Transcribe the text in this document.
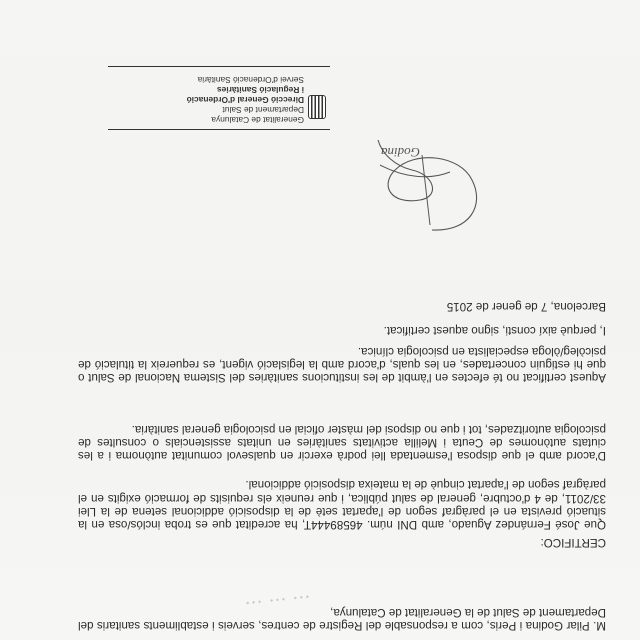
... ... ...

M. Pilar Godina i Peris, com a responsable del Registre de centres, serveis i establiments sanitaris del Departament de Salut de la Generalitat de Catalunya,

CERTIFICO:

Que José Fernández Aguado, amb DNI núm. 46589444T, ha acreditat que es troba inclós/osa en la situació prevista en el paràgraf segon de l'apartat setè de la disposició addicional setena de la Llei 33/2011, de 4 d'octubre, general de salut pública, i que reuneix els requisits de formació exigits en el paràgraf segon de l'apartat cinquè de la mateixa disposició addicional.

D'acord amb el que disposa l'esmentada llei podrà exercir en qualsevol comunitat autònoma i a les ciutats autònomes de Ceuta i Melilla activitats sanitàries en unitats assistencials o consultes de psicologia autoritzades, tot i que no disposi del màster oficial en psicologia general sanitària.

Aquest certificat no té efectes en l'àmbit de les institucions sanitàries del Sistema Nacional de Salut o que hi estiguin concertades, en les quals, d'acord amb la legislació vigent, es requereix la titulació de psicòleg/òloga especialista en psicologia clínica.

I, perquè així consti, signo aquest certificat.
Barcelona, 7 de gener de 2015
Godina
Generalitat de Catalunya
Departament de Salut
Direcció General d'Ordenació
i Regulació Sanitàries
Servei d'Ordenació Sanitària
